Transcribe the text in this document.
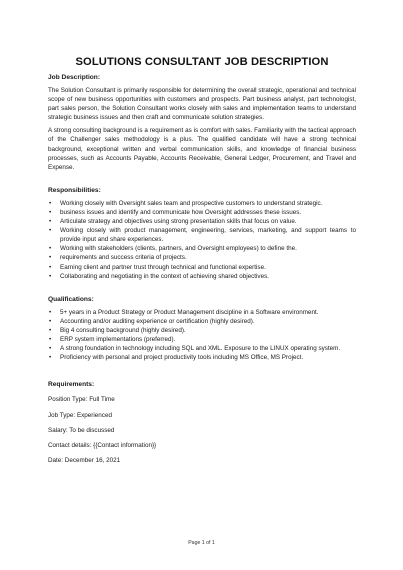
SOLUTIONS CONSULTANT JOB DESCRIPTION

Job Description:

The Solution Consultant is primarily responsible for determining the overall strategic, operational and technical scope of new business opportunities with customers and prospects. Part business analyst, part technologist, part sales person, the Solution Consultant works closely with sales and implementation teams to understand strategic business issues and then craft and communicate solution strategies.

A strong consulting background is a requirement as is comfort with sales. Familiarity with the tactical approach of the Challenger sales methodology is a plus. The qualified candidate will have a strong technical background, exceptional written and verbal communication skills, and knowledge of financial business processes, such as Accounts Payable, Accounts Receivable, General Ledger, Procurement, and Travel and Expense.

Responsibilities:

• Working closely with Oversight sales team and prospective customers to understand strategic.
• business issues and identify and communicate how Oversight addresses these issues.
• Articulate strategy and objectives using strong presentation skills that focus on value.
• Working closely with product management, engineering, services, marketing, and support teams to provide input and share experiences.
• Working with stakeholders (clients, partners, and Oversight employees) to define the.
• requirements and success criteria of projects.
• Earning client and partner trust through technical and functional expertise.
• Collaborating and negotiating in the context of achieving shared objectives.

Qualifications:

• 5+ years in a Product Strategy or Product Management discipline in a Software environment.
• Accounting and/or auditing experience or certification (highly desired).
• Big 4 consulting background (highly desired).
• ERP system implementations (preferred).
• A strong foundation in technology including SQL and XML. Exposure to the LINUX operating system.
• Proficiency with personal and project productivity tools including MS Office, MS Project.

Requirements:

Position Type: Full Time

Job Type: Experienced

Salary: To be discussed

Contact details: {{Contact information}}

Date: December 16, 2021

Page 1 of 1
